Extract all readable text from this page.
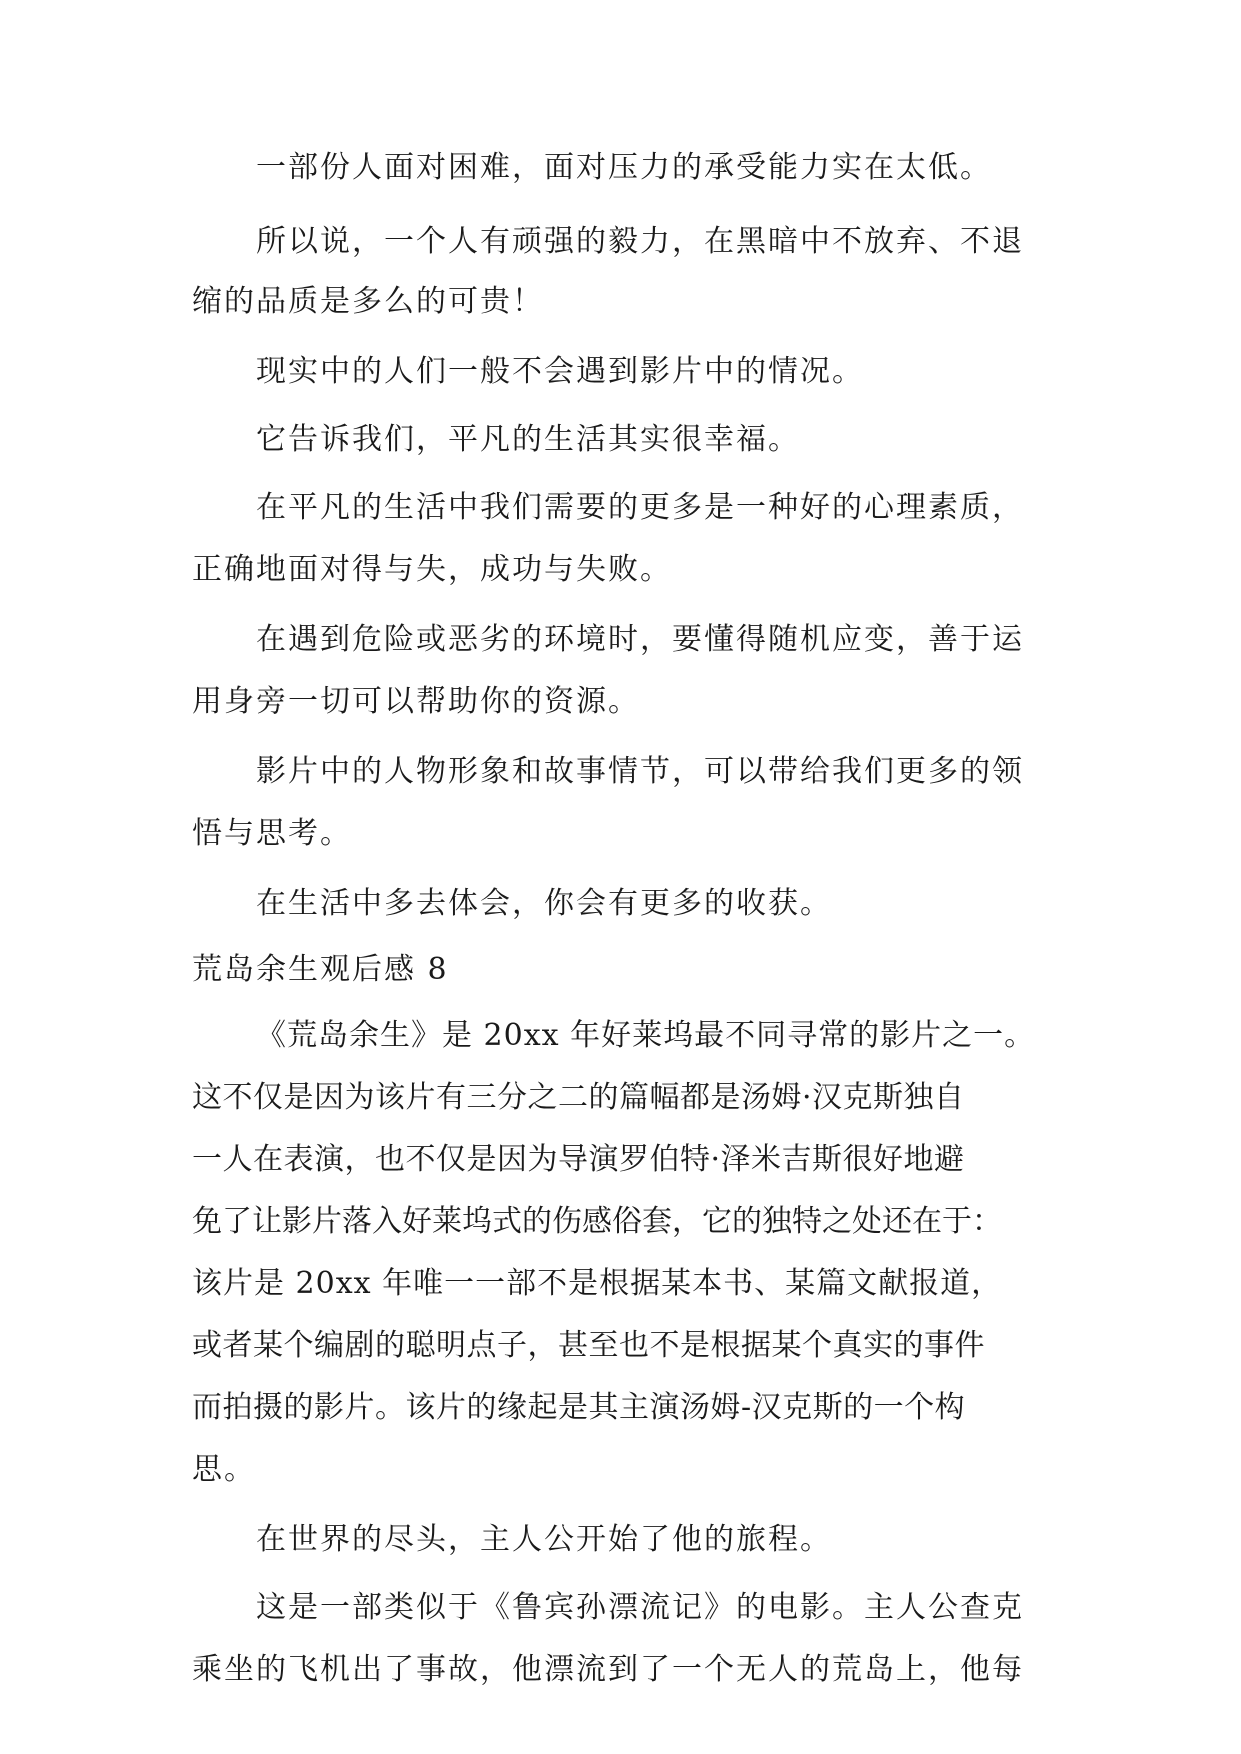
一部份人面对困难，面对压力的承受能力实在太低。
所以说，一个人有顽强的毅力，在黑暗中不放弃、不退
缩的品质是多么的可贵！
现实中的人们一般不会遇到影片中的情况。
它告诉我们，平凡的生活其实很幸福。
在平凡的生活中我们需要的更多是一种好的心理素质，
正确地面对得与失，成功与失败。
在遇到危险或恶劣的环境时，要懂得随机应变，善于运
用身旁一切可以帮助你的资源。
影片中的人物形象和故事情节，可以带给我们更多的领
悟与思考。
在生活中多去体会，你会有更多的收获。
荒岛余生观后感 8
《荒岛余生》是 20xx 年好莱坞最不同寻常的影片之一。
这不仅是因为该片有三分之二的篇幅都是汤姆·汉克斯独自
一人在表演，也不仅是因为导演罗伯特·泽米吉斯很好地避
免了让影片落入好莱坞式的伤感俗套，它的独特之处还在于：
该片是 20xx 年唯一一部不是根据某本书、某篇文献报道，
或者某个编剧的聪明点子，甚至也不是根据某个真实的事件
而拍摄的影片。该片的缘起是其主演汤姆-汉克斯的一个构
思。
在世界的尽头，主人公开始了他的旅程。
这是一部类似于《鲁宾孙漂流记》的电影。主人公查克
乘坐的飞机出了事故，他漂流到了一个无人的荒岛上，他每
